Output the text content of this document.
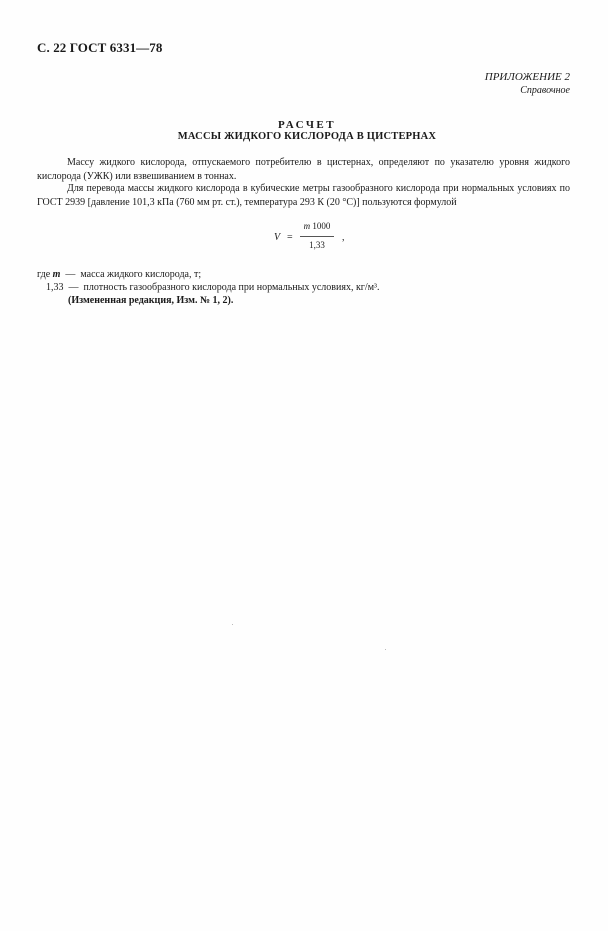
С. 22 ГОСТ 6331—78
ПРИЛОЖЕНИЕ 2
Справочное
РАСЧЕТ
МАССЫ ЖИДКОГО КИСЛОРОДА В ЦИСТЕРНАХ
Массу жидкого кислорода, отпускаемого потребителю в цистернах, определяют по указателю уровня жидкого кислорода (УЖК) или взвешиванием в тоннах.
Для перевода массы жидкого кислорода в кубические метры газообразного кислорода при нормальных условиях по ГОСТ 2939 [давление 101,3 кПа (760 мм рт. ст.), температура 293 К (20 °С)] пользуются формулой
V =
m 1000
1,33
,
где m — масса жидкого кислорода, т;
1,33 — плотность газообразного кислорода при нормальных условиях, кг/м³.
(Измененная редакция, Изм. № 1, 2).
